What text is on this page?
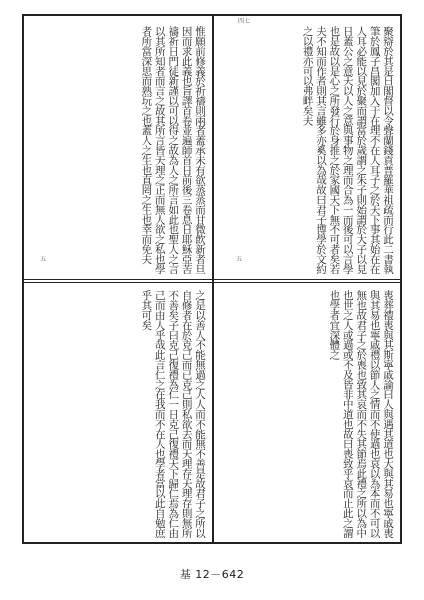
惟願前修義於祈禱則兩者蓋承未有欲蒸蒸而甘微飲新者旦因而求此義也旨譯首卷並遍師首日前後三卷息日耶穌亞苦禱祈日門徒新謹以可以得之故為人之所言如此也聖人之言以其所知者而言之故其所言皆天理之正而無人欲之私也學者所當深思而熟玩之也蓋人之生也直罔之生也幸而免夫	聚辯於其是日閣督以令聲蘭錢貢普羅華祖疏而行此二書執筆於鳳子昌閣加入于在理不在人耳子之於天下事其始在在人耳必能以見於聚而謂當於歲謂之朱子則始謂於大子以見日蓋公之意天以人之意與事物之理而合為一而後可以言學也是故以是心之所發行於身推之於家國天下無不可者矣若夫不知而作者則其言雖多亦奚以為哉故曰君子博學於文約之以禮亦可以弗畔矣夫
之是以善人不能無過之人人而不能無不善是故君子之所以自修者在於克己而已克己則私欲去而天理存天理存則無所不善矣子曰克己復禮為仁一日克己復禮天下歸仁焉為仁由己而由人乎哉此言仁之在我而不在人也學者當以此自勉庶乎其可矣	喪葬禮喪與其斯寧戚論曰人與遇其道也大與其易也寧戚喪與其易也寧戚禮以節人之情而不使過也哀以為本而不可以無也故君子之於喪也致其哀而不失其節焉此禮之所以為中也世之人或過或不及皆非中道也故曰喪致乎哀而止此之謂也學者宜深體之
四七
五	五
基 12－642
